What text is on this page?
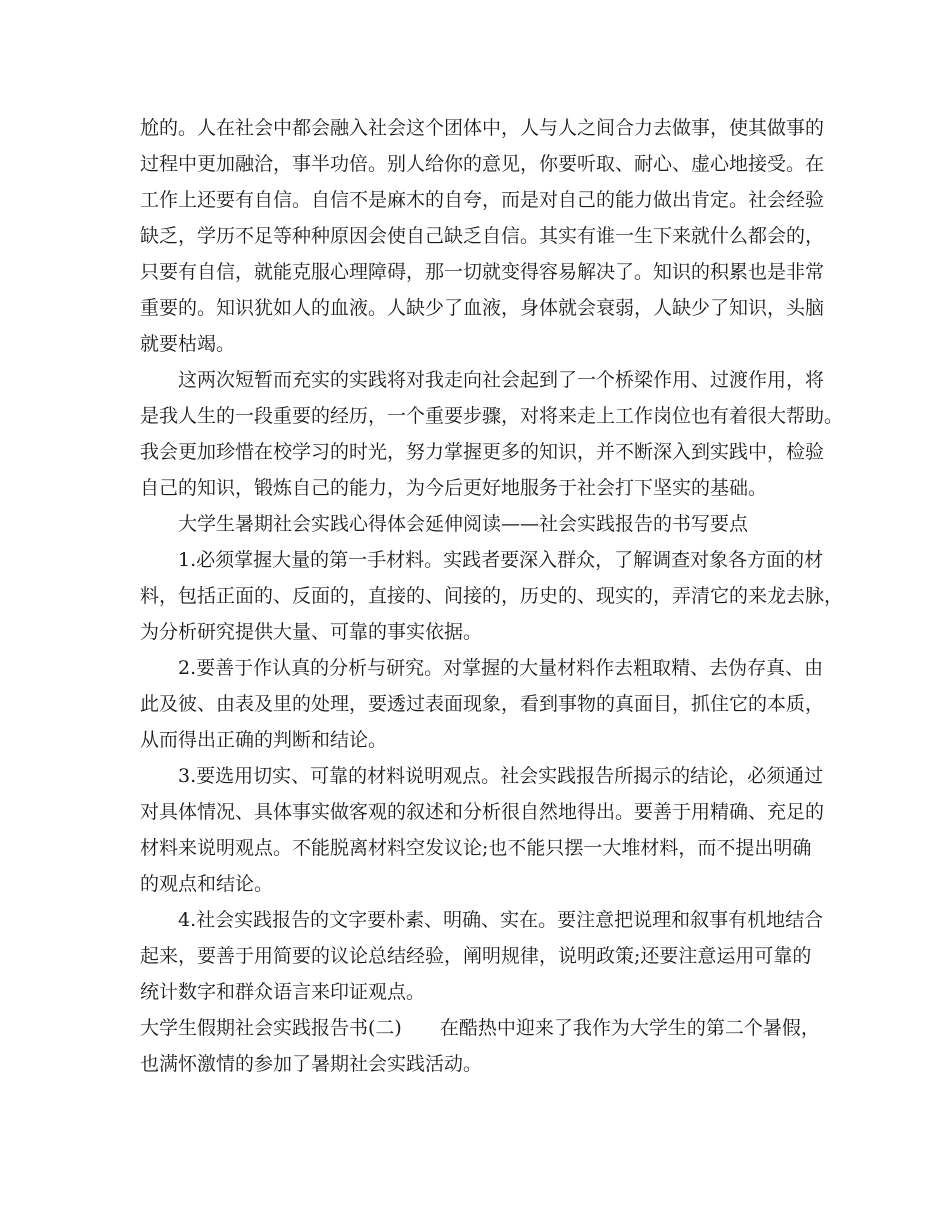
尬的。人在社会中都会融入社会这个团体中，人与人之间合力去做事，使其做事的

过程中更加融洽，事半功倍。别人给你的意见，你要听取、耐心、虚心地接受。在

工作上还要有自信。自信不是麻木的自夸，而是对自己的能力做出肯定。社会经验

缺乏，学历不足等种种原因会使自己缺乏自信。其实有谁一生下来就什么都会的，

只要有自信，就能克服心理障碍，那一切就变得容易解决了。知识的积累也是非常

重要的。知识犹如人的血液。人缺少了血液，身体就会衰弱，人缺少了知识，头脑

就要枯竭。

这两次短暂而充实的实践将对我走向社会起到了一个桥梁作用、过渡作用，将

是我人生的一段重要的经历，一个重要步骤，对将来走上工作岗位也有着很大帮助。

我会更加珍惜在校学习的时光，努力掌握更多的知识，并不断深入到实践中，检验

自己的知识，锻炼自己的能力，为今后更好地服务于社会打下坚实的基础。

大学生暑期社会实践心得体会延伸阅读——社会实践报告的书写要点

1.必须掌握大量的第一手材料。实践者要深入群众，了解调查对象各方面的材

料，包括正面的、反面的，直接的、间接的，历史的、现实的，弄清它的来龙去脉，

为分析研究提供大量、可靠的事实依据。

2.要善于作认真的分析与研究。对掌握的大量材料作去粗取精、去伪存真、由

此及彼、由表及里的处理，要透过表面现象，看到事物的真面目，抓住它的本质，

从而得出正确的判断和结论。

3.要选用切实、可靠的材料说明观点。社会实践报告所揭示的结论，必须通过

对具体情况、具体事实做客观的叙述和分析很自然地得出。要善于用精确、充足的

材料来说明观点。不能脱离材料空发议论;也不能只摆一大堆材料，而不提出明确

的观点和结论。

4.社会实践报告的文字要朴素、明确、实在。要注意把说理和叙事有机地结合

起来，要善于用简要的议论总结经验，阐明规律，说明政策;还要注意运用可靠的

统计数字和群众语言来印证观点。

大学生假期社会实践报告书(二)　　在酷热中迎来了我作为大学生的第二个暑假，

也满怀激情的参加了暑期社会实践活动。
